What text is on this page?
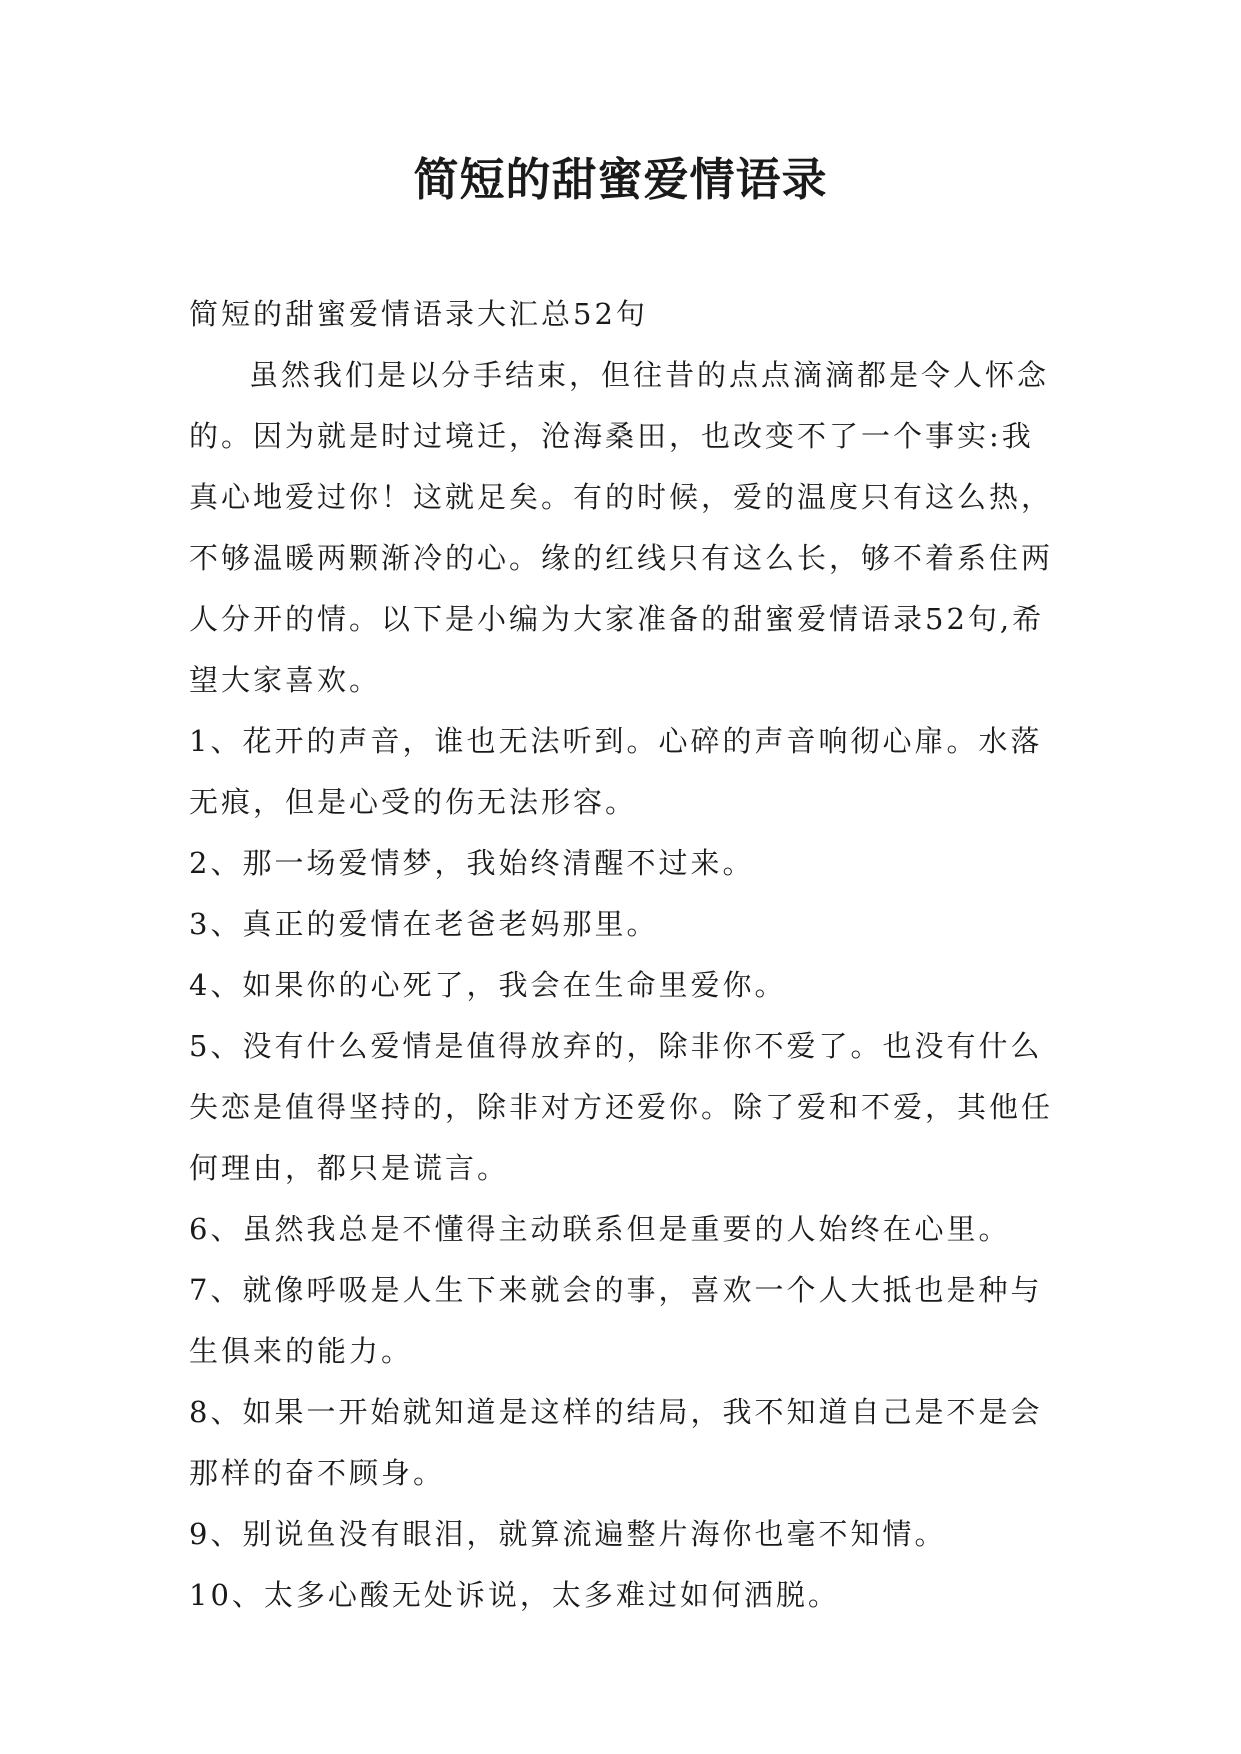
简短的甜蜜爱情语录

简短的甜蜜爱情语录大汇总52句

虽然我们是以分手结束，但往昔的点点滴滴都是令人怀念的。因为就是时过境迁，沧海桑田，也改变不了一个事实:我真心地爱过你！这就足矣。有的时候，爱的温度只有这么热，不够温暖两颗渐冷的心。缘的红线只有这么长，够不着系住两人分开的情。以下是小编为大家准备的甜蜜爱情语录52句,希望大家喜欢。

1、花开的声音，谁也无法听到。心碎的声音响彻心扉。水落无痕，但是心受的伤无法形容。

2、那一场爱情梦，我始终清醒不过来。

3、真正的爱情在老爸老妈那里。

4、如果你的心死了，我会在生命里爱你。

5、没有什么爱情是值得放弃的，除非你不爱了。也没有什么失恋是值得坚持的，除非对方还爱你。除了爱和不爱，其他任何理由，都只是谎言。

6、虽然我总是不懂得主动联系但是重要的人始终在心里。

7、就像呼吸是人生下来就会的事，喜欢一个人大抵也是种与生俱来的能力。

8、如果一开始就知道是这样的结局，我不知道自己是不是会那样的奋不顾身。

9、别说鱼没有眼泪，就算流遍整片海你也毫不知情。

10、太多心酸无处诉说，太多难过如何洒脱。
